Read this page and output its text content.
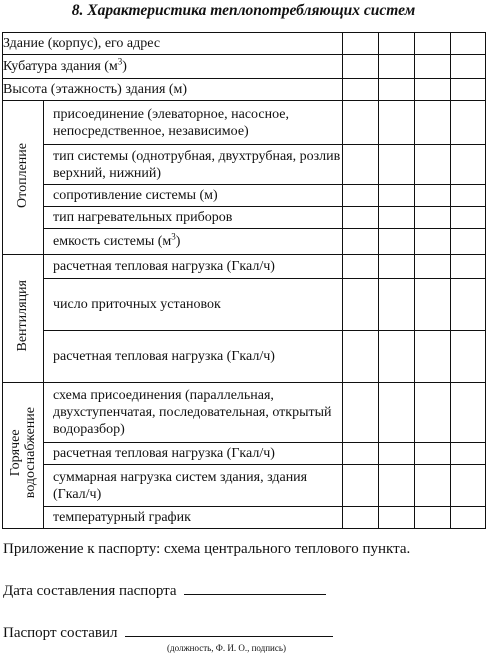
8. Характеристика теплопотребляющих систем
Здание (корпус), его адрес					
Кубатура здания $(м^3)$					
Высота (этажность) здания (м)					
Отопление	присоединение (элеваторное, насосное, непосредственное, независимое)				
	тип системы (однотрубная, двухтрубная, розлив верхний, нижний)				
	сопротивление системы (м)				
	тип нагревательных приборов				
	емкость системы $(м^3)$				
Вентиляция	расчетная тепловая нагрузка (Гкал/ч)				
	число приточных установок				
	расчетная тепловая нагрузка (Гкал/ч)				
Горячее
водоснабжение	схема присоединения (параллельная, двухступенчатая, последовательная, открытый водоразбор)				
	расчетная тепловая нагрузка (Гкал/ч)				
	суммарная нагрузка систем здания, здания (Гкал/ч)				
	температурный график				
Приложение к паспорту: схема центрального теплового пункта.
Дата составления паспорта
Паспорт составил
(должность, Ф. И. О., подпись)
